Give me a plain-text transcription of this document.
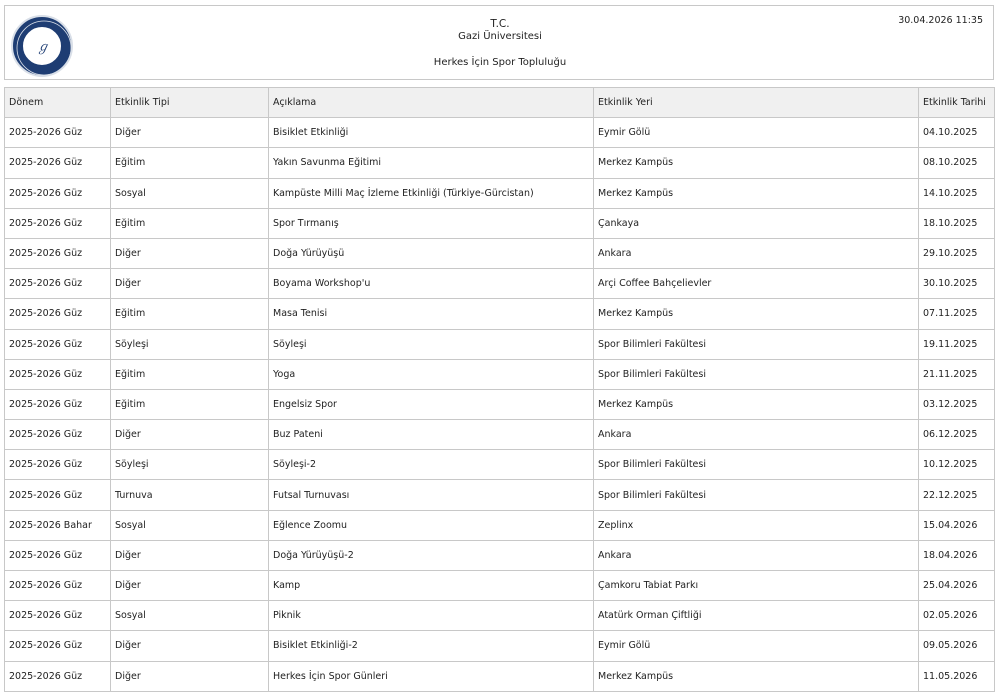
ℊ
T.C.
Gazi Üniversitesi
Herkes İçin Spor Topluluğu
30.04.2026 11:35
Dönem	Etkinlik Tipi	Açıklama	Etkinlik Yeri	Etkinlik Tarihi
2025-2026 Güz	Diğer	Bisiklet Etkinliği	Eymir Gölü	04.10.2025
2025-2026 Güz	Eğitim	Yakın Savunma Eğitimi	Merkez Kampüs	08.10.2025
2025-2026 Güz	Sosyal	Kampüste Milli Maç İzleme Etkinliği (Türkiye-Gürcistan)	Merkez Kampüs	14.10.2025
2025-2026 Güz	Eğitim	Spor Tırmanış	Çankaya	18.10.2025
2025-2026 Güz	Diğer	Doğa Yürüyüşü	Ankara	29.10.2025
2025-2026 Güz	Diğer	Boyama Workshop'u	Arçi Coffee Bahçelievler	30.10.2025
2025-2026 Güz	Eğitim	Masa Tenisi	Merkez Kampüs	07.11.2025
2025-2026 Güz	Söyleşi	Söyleşi	Spor Bilimleri Fakültesi	19.11.2025
2025-2026 Güz	Eğitim	Yoga	Spor Bilimleri Fakültesi	21.11.2025
2025-2026 Güz	Eğitim	Engelsiz Spor	Merkez Kampüs	03.12.2025
2025-2026 Güz	Diğer	Buz Pateni	Ankara	06.12.2025
2025-2026 Güz	Söyleşi	Söyleşi-2	Spor Bilimleri Fakültesi	10.12.2025
2025-2026 Güz	Turnuva	Futsal Turnuvası	Spor Bilimleri Fakültesi	22.12.2025
2025-2026 Bahar	Sosyal	Eğlence Zoomu	Zeplinx	15.04.2026
2025-2026 Güz	Diğer	Doğa Yürüyüşü-2	Ankara	18.04.2026
2025-2026 Güz	Diğer	Kamp	Çamkoru Tabiat Parkı	25.04.2026
2025-2026 Güz	Sosyal	Piknik	Atatürk Orman Çiftliği	02.05.2026
2025-2026 Güz	Diğer	Bisiklet Etkinliği-2	Eymir Gölü	09.05.2026
2025-2026 Güz	Diğer	Herkes İçin Spor Günleri	Merkez Kampüs	11.05.2026
